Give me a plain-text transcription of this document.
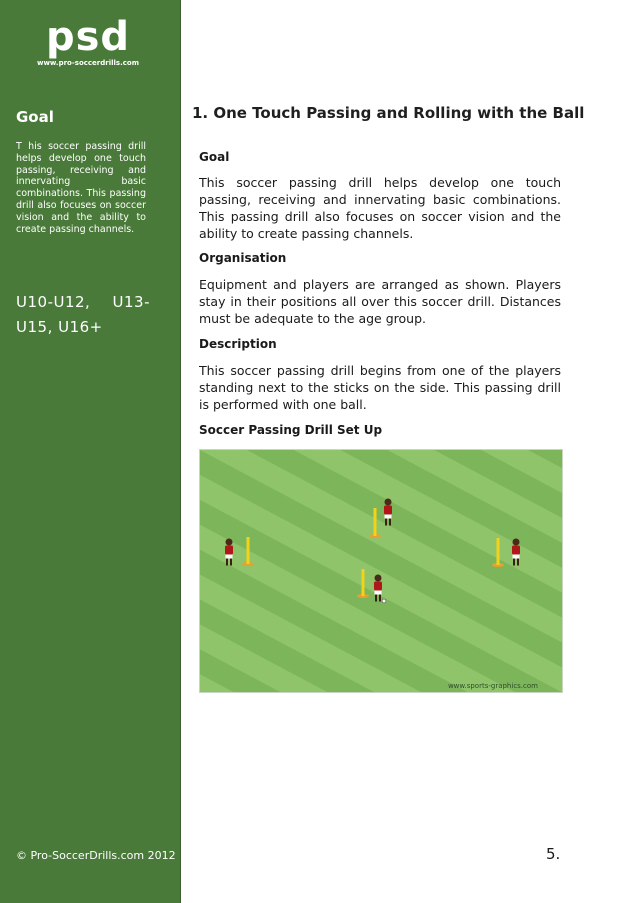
psd
www.pro-soccerdrills.com
Goal
T his soccer passing drill helps develop one touch passing, receiving and innervating basic combinations. This passing drill also focuses on soccer vision and the ability to create passing channels.
U10-U12, U13-U15, U16+
© Pro-SoccerDrills.com 2012
1. One Touch Passing and Rolling with the Ball
Goal
This soccer passing drill helps develop one touch passing, receiving and innervating basic combinations. This passing drill also focuses on soccer vision and the ability to create passing channels.
Organisation
Equipment and players are arranged as shown. Players stay in their positions all over this soccer drill. Distances must be adequate to the age group.
Description
This soccer passing drill begins from one of the players standing next to the sticks on the side. This passing drill is performed with one ball.
Soccer Passing Drill Set Up
www.sports-graphics.com
5.
